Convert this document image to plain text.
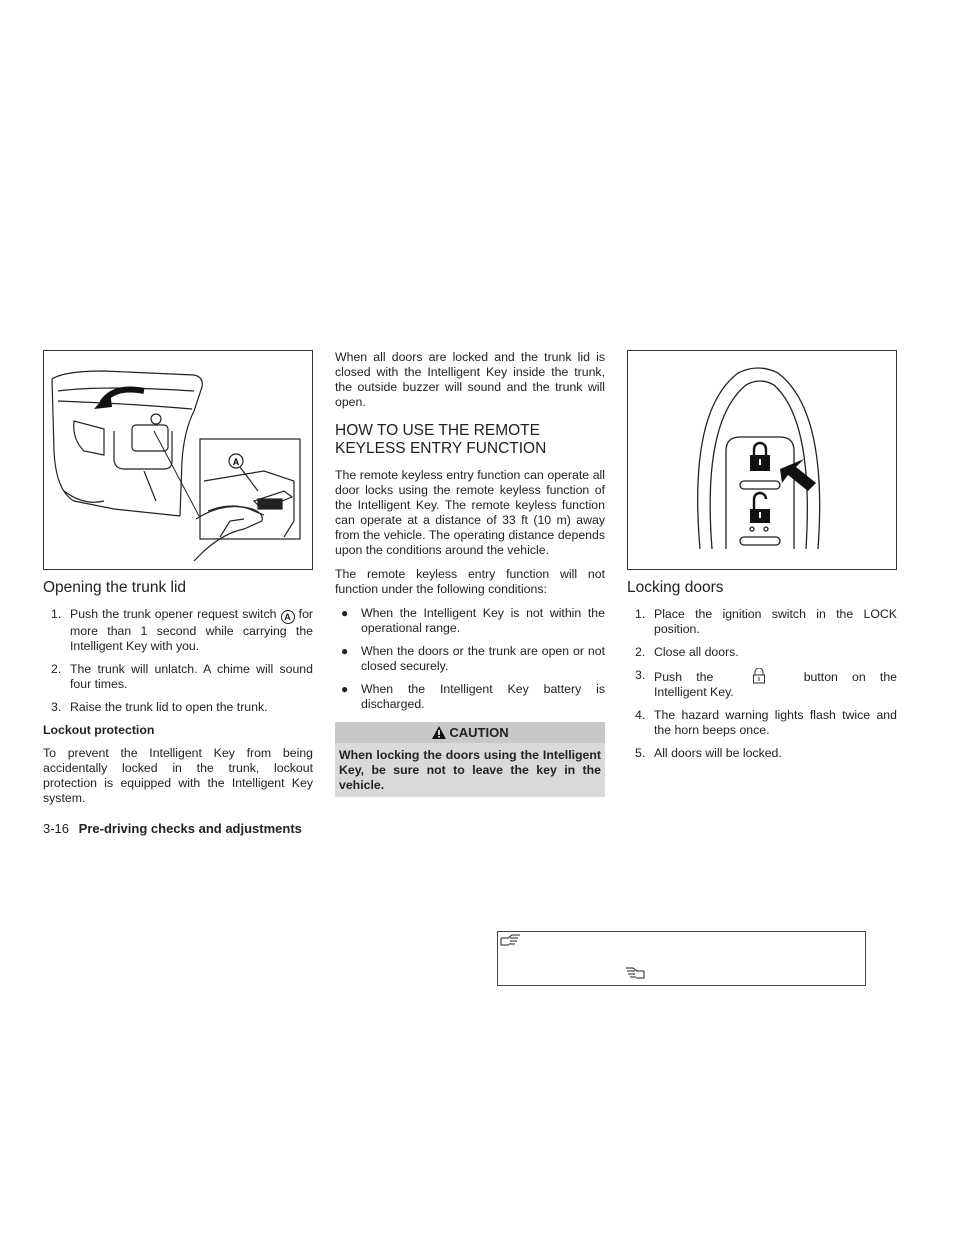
A
Opening the trunk lid
1. Push the trunk opener request switch A for more than 1 second while carrying the Intelligent Key with you.
2. The trunk will unlatch. A chime will sound four times.
3. Raise the trunk lid to open the trunk.
Lockout protection

To prevent the Intelligent Key from being accidentally locked in the trunk, lockout protection is equipped with the Intelligent Key system.

When all doors are locked and the trunk lid is closed with the Intelligent Key inside the trunk, the outside buzzer will sound and the trunk will open.

HOW TO USE THE REMOTE KEYLESS ENTRY FUNCTION

The remote keyless entry function can operate all door locks using the remote keyless function of the Intelligent Key. The remote keyless function can operate at a distance of 33 ft (10 m) away from the vehicle. The operating distance depends upon the conditions around the vehicle.

The remote keyless entry function will not function under the following conditions:

● When the Intelligent Key is not within the operational range.
● When the doors or the trunk are open or not closed securely.
● When the Intelligent Key battery is discharged.
CAUTION
When locking the doors using the Intelligent Key, be sure not to leave the key in the vehicle.
Locking doors
1. Place the ignition switch in the LOCK position.
2. Close all doors.
3. Push the	button on the Intelligent Key.
4. The hazard warning lights flash twice and the horn beeps once.
5. All doors will be locked.
3-16 Pre-driving checks and adjustments
